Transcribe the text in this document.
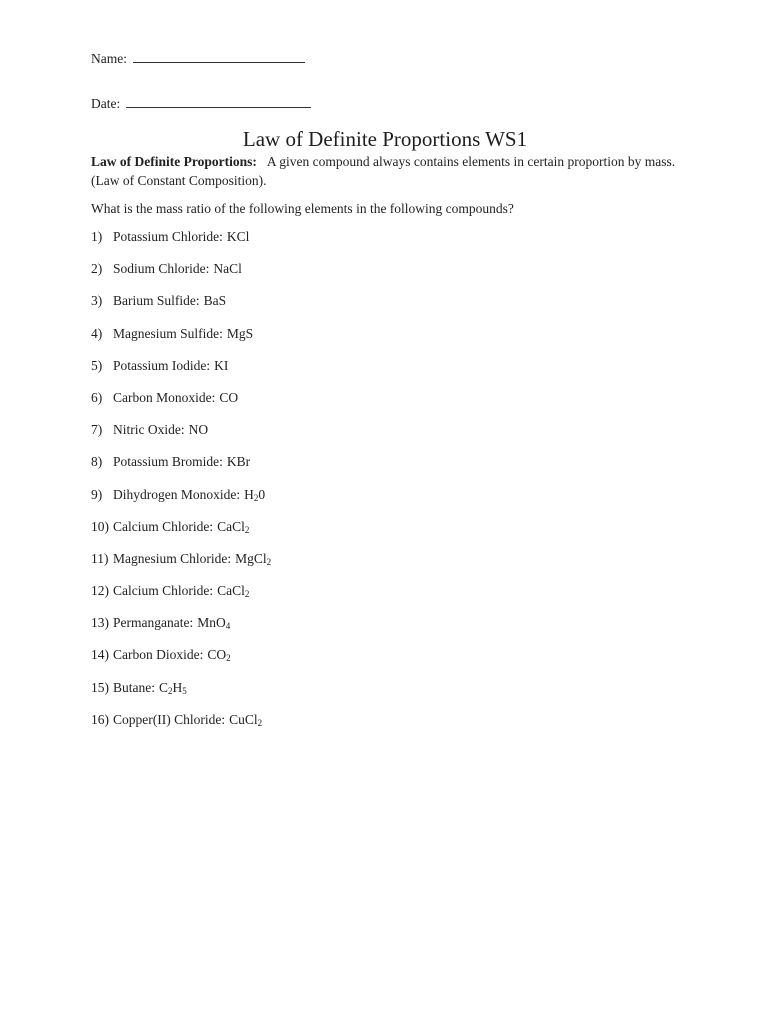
Name:
Date:
Law of Definite Proportions WS1
Law of Definite Proportions: A given compound always contains elements in certain proportion by mass. (Law of Constant Composition).
What is the mass ratio of the following elements in the following compounds?
1) Potassium Chloride: KCl
2) Sodium Chloride: NaCl
3) Barium Sulfide: BaS
4) Magnesium Sulfide: MgS
5) Potassium Iodide: KI
6) Carbon Monoxide: CO
7) Nitric Oxide: NO
8) Potassium Bromide: KBr
9) Dihydrogen Monoxide: $H_20$
10) Calcium Chloride: CaCl$_2$
11) Magnesium Chloride: MgCl$_2$
12) Calcium Chloride: CaCl$_2$
13) Permanganate: MnO$_4$
14) Carbon Dioxide: $CO_2$
15) Butane: $C_2H_5$
16) Copper(II) Chloride: CuCl$_2$
